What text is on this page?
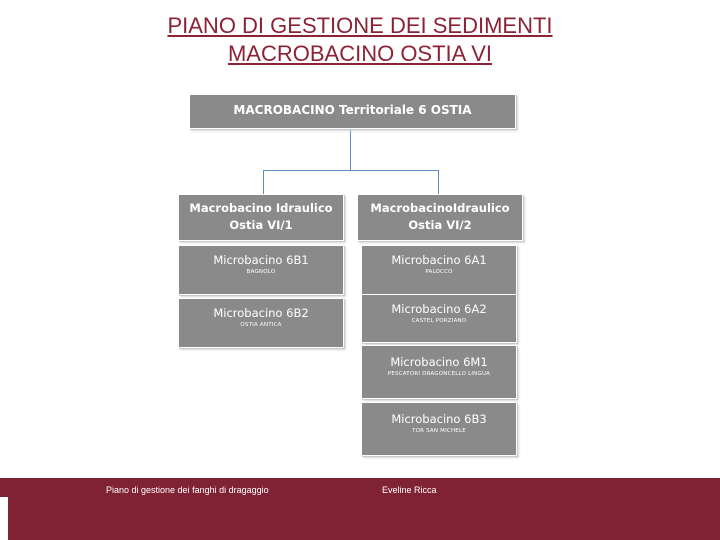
PIANO DI GESTIONE DEI SEDIMENTI
MACROBACINO OSTIA VI
MACROBACINO Territoriale 6 OSTIA
Macrobacino Idraulico
Ostia VI/1
MacrobacinoIdraulico
Ostia VI/2
Microbacino 6B1
BAGNOLO
Microbacino 6B2
OSTIA ANTICA
Microbacino 6A1
PALOCCO
Microbacino 6A2
CASTEL PORZIANO
Microbacino 6M1
PESCATORI DRAGONCELLO LINGUA
Microbacino 6B3
TOR SAN MICHELE
Piano di gestione dei fanghi di dragaggio	Eveline Ricca
